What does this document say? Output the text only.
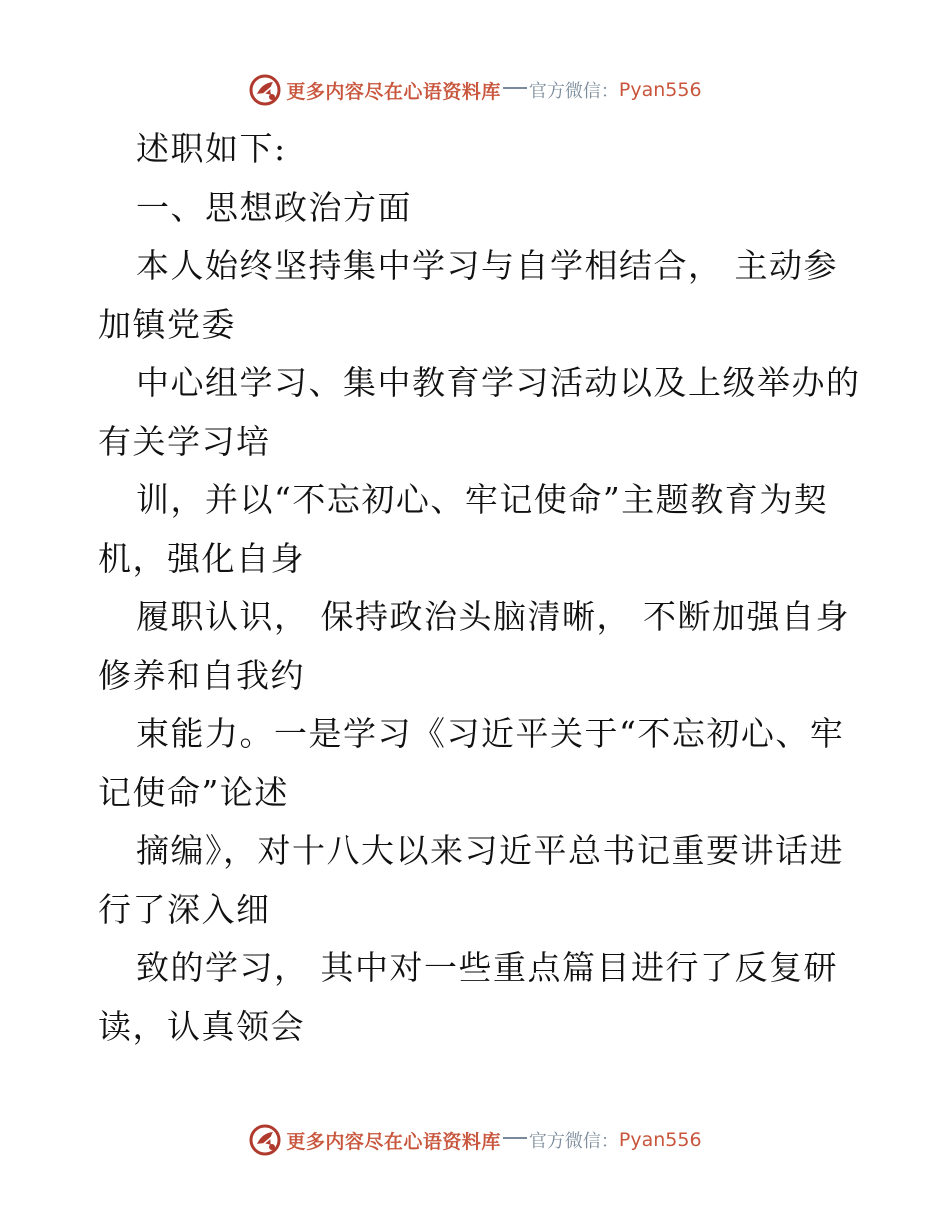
更多内容尽在心语资料库 官方微信： Pyan556
述职如下:
一、思想政治方面
本人始终坚持集中学习与自学相结合， 主动参
加镇党委
中心组学习、集中教育学习活动以及上级举办的
有关学习培
训，并以“不忘初心、牢记使命”主题教育为契
机，强化自身
履职认识， 保持政治头脑清晰， 不断加强自身
修养和自我约
束能力。一是学习《习近平关于“不忘初心、牢
记使命”论述
摘编》，对十八大以来习近平总书记重要讲话进
行了深入细
致的学习， 其中对一些重点篇目进行了反复研
读，认真领会
更多内容尽在心语资料库 官方微信： Pyan556
